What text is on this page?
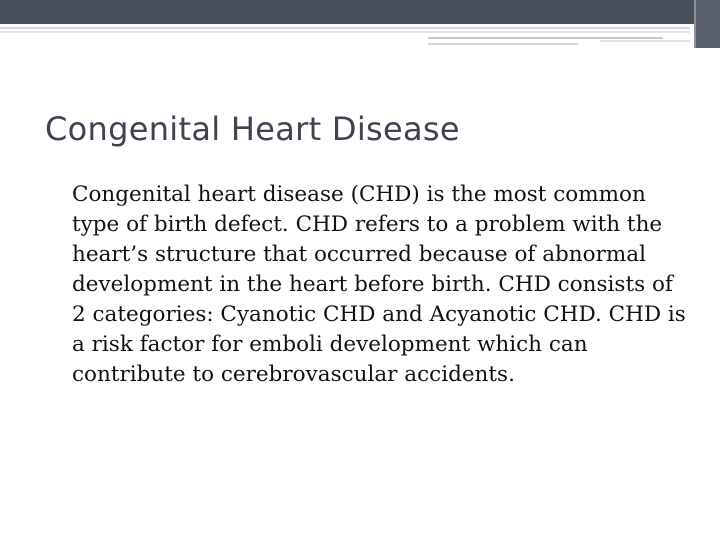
Congenital Heart Disease

Congenital heart disease (CHD) is the most common type of birth defect. CHD refers to a problem with the heart’s structure that occurred because of abnormal development in the heart before birth. CHD consists of 2 categories: Cyanotic CHD and Acyanotic CHD. CHD is a risk factor for emboli development which can contribute to cerebrovascular accidents.
